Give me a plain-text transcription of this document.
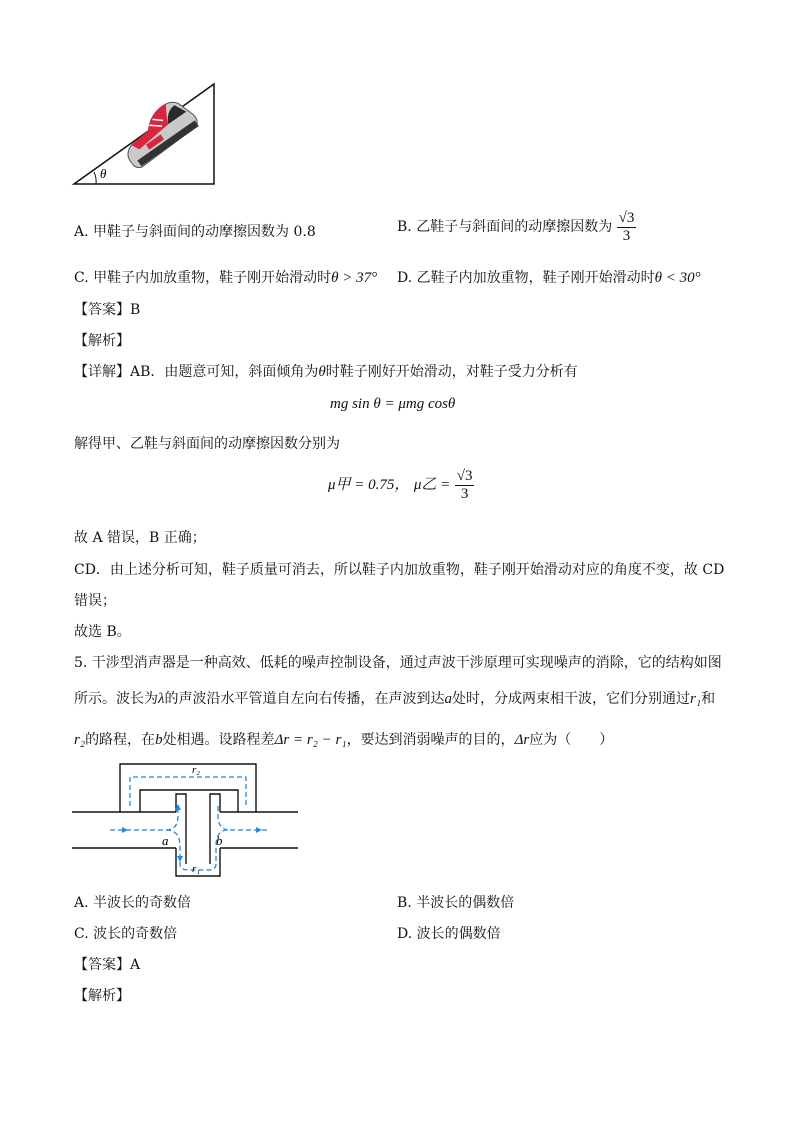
θ
A. 甲鞋子与斜面间的动摩擦因数为 0.8	B. 乙鞋子与斜面间的动摩擦因数为 $\frac{√3}{3}$
C. 甲鞋子内加放重物，鞋子刚开始滑动时θ > 37° D. 乙鞋子内加放重物，鞋子刚开始滑动时θ < 30°
【答案】B
【解析】
【详解】AB．由题意可知，斜面倾角为θ时鞋子刚好开始滑动，对鞋子受力分析有
mg sin θ = μmg cosθ
解得甲、乙鞋与斜面间的动摩擦因数分别为
μ甲 = 0.75， μ乙 = $\frac{√3}{3}$
故 A 错误，B 正确；
CD．由上述分析可知，鞋子质量可消去，所以鞋子内加放重物，鞋子刚开始滑动对应的角度不变，故 CD
错误；
故选 B。
5. 干涉型消声器是一种高效、低耗的噪声控制设备，通过声波干涉原理可实现噪声的消除，它的结构如图
所示。波长为λ的声波沿水平管道自左向右传播，在声波到达a处时，分成两束相干波，它们分别通过r₁和
r₂的路程，在b处相遇。设路程差Δr = r₂ − r₁，要达到消弱噪声的目的，Δr应为（　　）
r₂
r₁
a	b
A. 半波长的奇数倍	B. 半波长的偶数倍
C. 波长的奇数倍	D. 波长的偶数倍
【答案】A
【解析】
